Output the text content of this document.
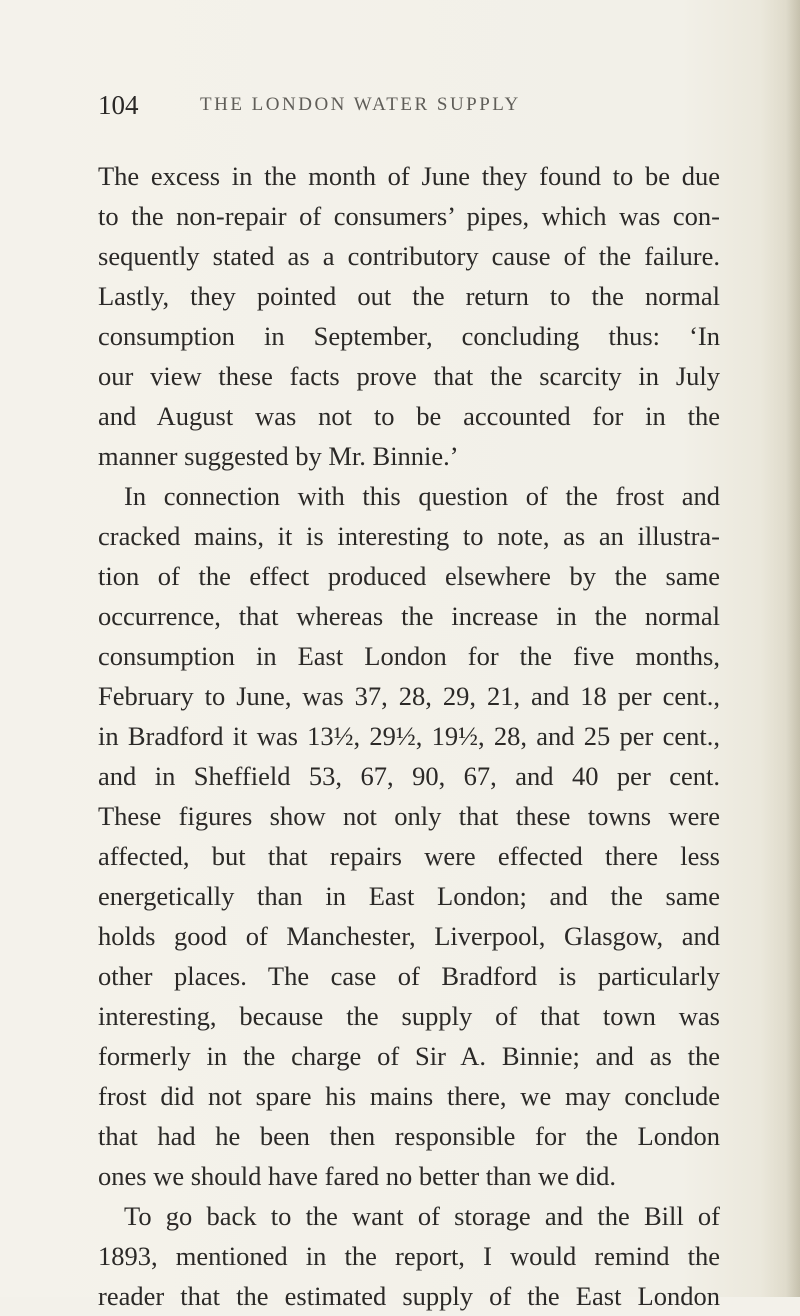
104	THE LONDON WATER SUPPLY
The excess in the month of June they found to be due
to the non-repair of consumers’ pipes, which was con-
sequently stated as a contributory cause of the failure.
Lastly, they pointed out the return to the normal
consumption in September, concluding thus: ‘In
our view these facts prove that the scarcity in July
and August was not to be accounted for in the
manner suggested by Mr. Binnie.’
In connection with this question of the frost and
cracked mains, it is interesting to note, as an illustra-
tion of the effect produced elsewhere by the same
occurrence, that whereas the increase in the normal
consumption in East London for the five months,
February to June, was 37, 28, 29, 21, and 18 per cent.,
in Bradford it was 13½, 29½, 19½, 28, and 25 per cent.,
and in Sheffield 53, 67, 90, 67, and 40 per cent.
These figures show not only that these towns were
affected, but that repairs were effected there less
energetically than in East London; and the same
holds good of Manchester, Liverpool, Glasgow, and
other places. The case of Bradford is particularly
interesting, because the supply of that town was
formerly in the charge of Sir A. Binnie; and as the
frost did not spare his mains there, we may conclude
that had he been then responsible for the London
ones we should have fared no better than we did.
To go back to the want of storage and the Bill of
1893, mentioned in the report, I would remind the
reader that the estimated supply of the East London
